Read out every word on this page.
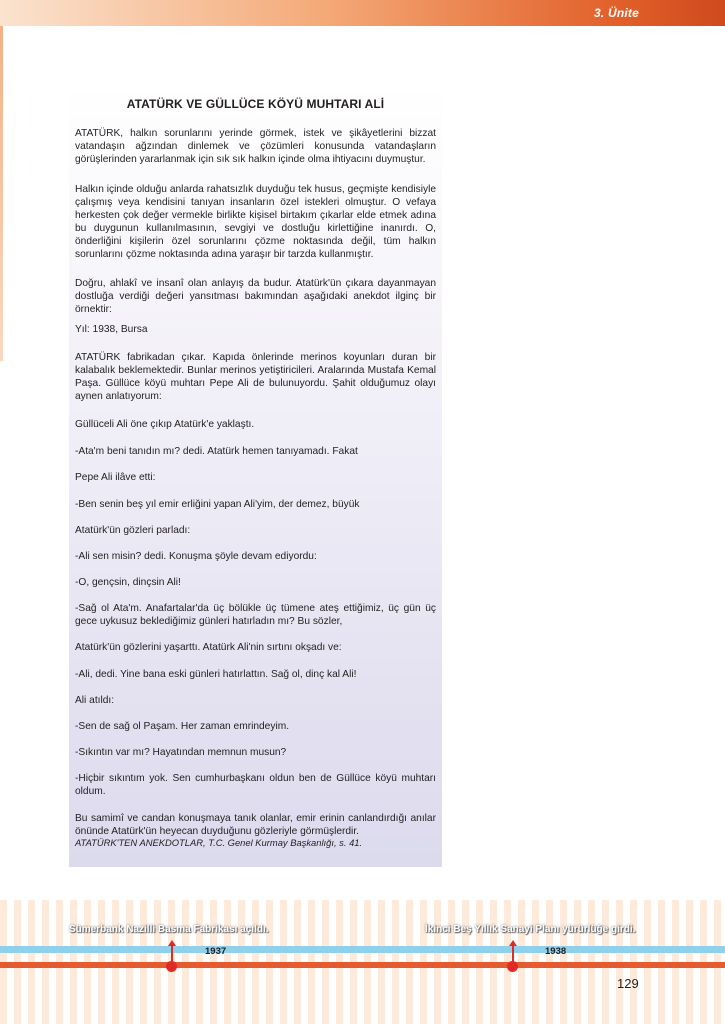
3. Ünite
ATATÜRK VE GÜLLÜCE KÖYÜ MUHTARI ALİ

ATATÜRK, halkın sorunlarını yerinde görmek, istek ve şikâyetlerini bizzat vatandaşın ağzından dinlemek ve çözümleri konusunda vatandaşların görüşlerinden yararlanmak için sık sık halkın içinde olma ihtiyacını duymuştur.

Halkın içinde olduğu anlarda rahatsızlık duyduğu tek husus, geçmişte kendisiyle çalışmış veya kendisini tanıyan insanların özel istekleri olmuştur. O vefaya herkesten çok değer vermekle birlikte kişisel birtakım çıkarlar elde etmek adına bu duygunun kullanılmasının, sevgiyi ve dostluğu kirlettiğine inanırdı. O, önderliğini kişilerin özel sorunlarını çözme noktasında değil, tüm halkın sorunlarını çözme noktasında adına yaraşır bir tarzda kullanmıştır.

Doğru, ahlakî ve insanî olan anlayış da budur. Atatürk'ün çıkara dayanmayan dostluğa verdiği değeri yansıtması bakımından aşağıdaki anekdot ilginç bir örnektir:

Yıl: 1938, Bursa

ATATÜRK fabrikadan çıkar. Kapıda önlerinde merinos koyunları duran bir kalabalık beklemektedir. Bunlar merinos yetiştiricileri. Aralarında Mustafa Kemal Paşa. Güllüce köyü muhtarı Pepe Ali de bulunuyordu. Şahit olduğumuz olayı aynen anlatıyorum:

Güllüceli Ali öne çıkıp Atatürk'e yaklaştı.

-Ata'm beni tanıdın mı? dedi. Atatürk hemen tanıyamadı. Fakat

Pepe Ali ilâve etti:

-Ben senin beş yıl emir erliğini yapan Ali'yim, der demez, büyük

Atatürk'ün gözleri parladı:

-Ali sen misin? dedi. Konuşma şöyle devam ediyordu:

-O, gençsin, dinçsin Ali!

-Sağ ol Ata'm. Anafartalar'da üç bölükle üç tümene ateş ettiğimiz, üç gün üç gece uykusuz beklediğimiz günleri hatırladın mı? Bu sözler,

Atatürk'ün gözlerini yaşarttı. Atatürk Ali'nin sırtını okşadı ve:

-Ali, dedi. Yine bana eski günleri hatırlattın. Sağ ol, dinç kal Ali!

Ali atıldı:

-Sen de sağ ol Paşam. Her zaman emrindeyim.

-Sıkıntın var mı? Hayatından memnun musun?

-Hiçbir sıkıntım yok. Sen cumhurbaşkanı oldun ben de Güllüce köyü muhtarı oldum.

Bu samimî ve candan konuşmaya tanık olanlar, emir erinin canlandırdığı anılar önünde Atatürk'ün heyecan duyduğunu gözleriyle görmüşlerdir.

ATATÜRK'TEN ANEKDOTLAR, T.C. Genel Kurmay Başkanlığı, s. 41.
Sümerbank Nazilli Basma Fabrikası açıldı.	İkinci Beş Yıllık Sanayi Planı yürürlüğe girdi.
1937	1938
129
